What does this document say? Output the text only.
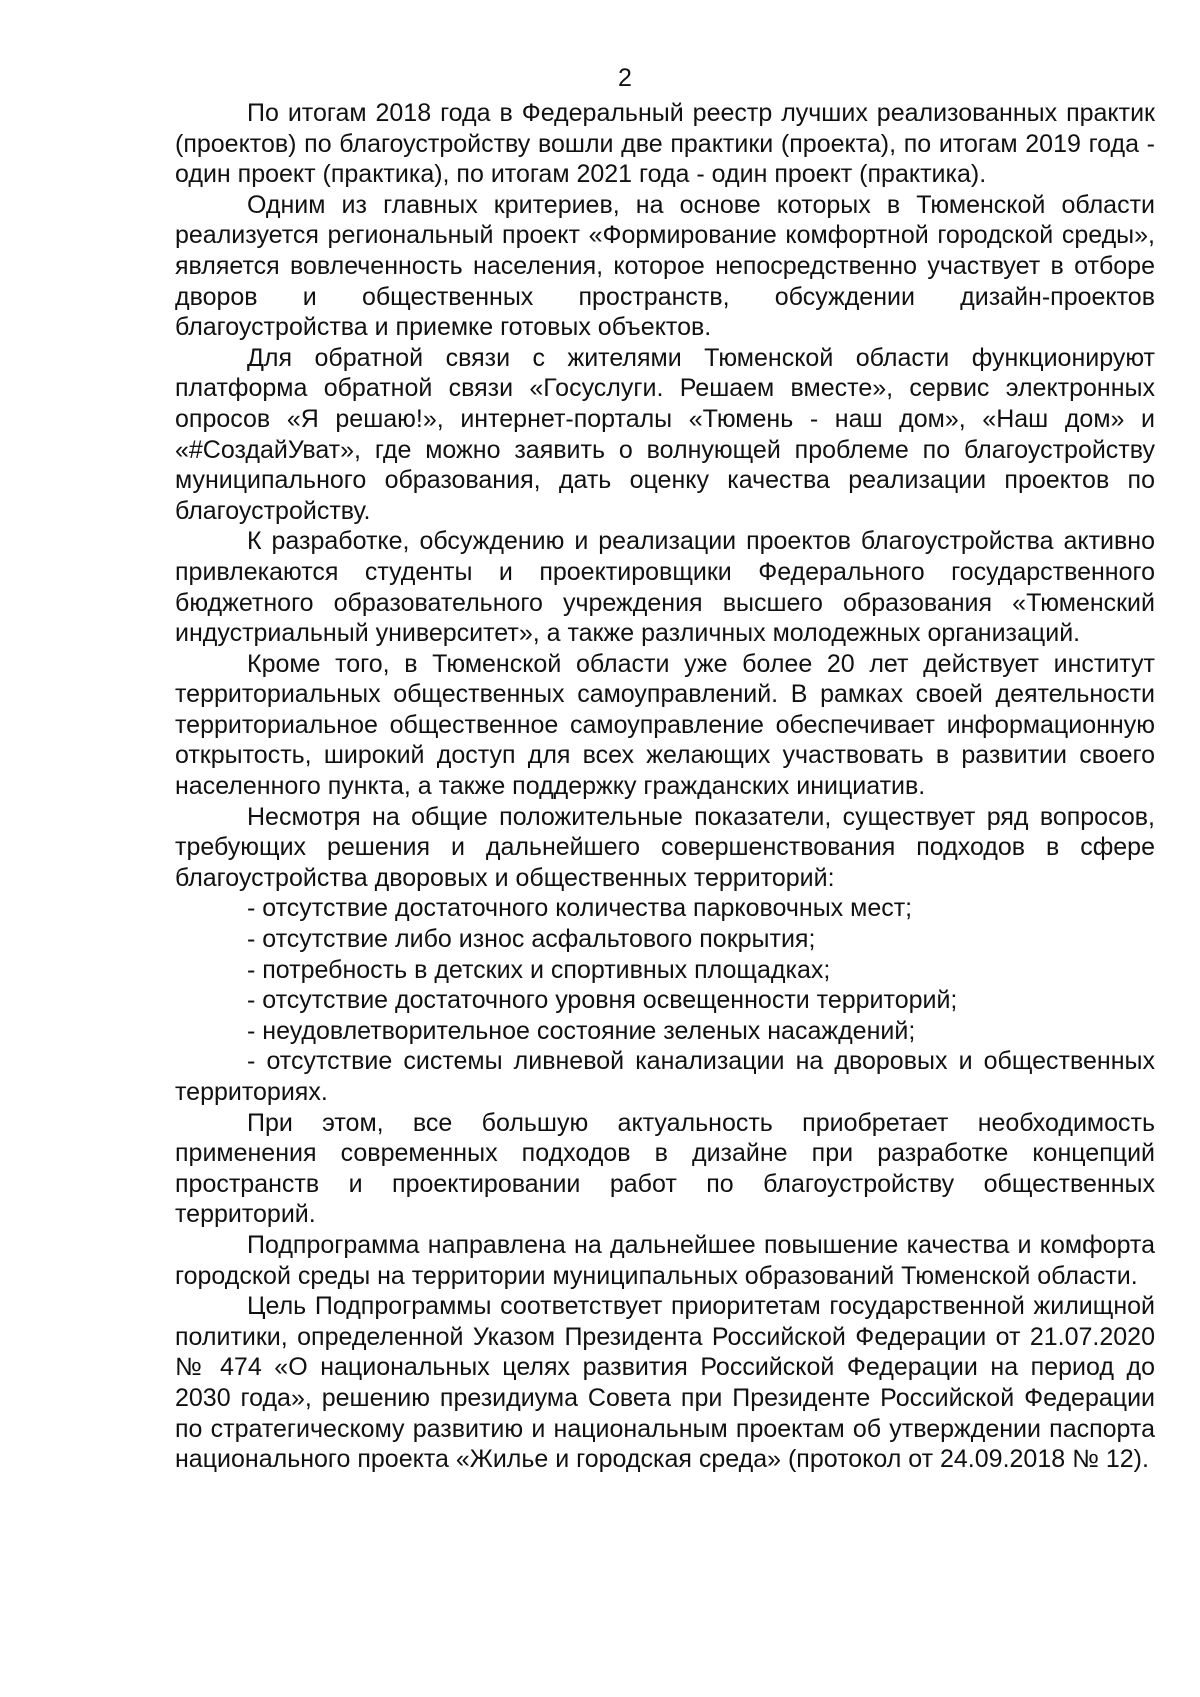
2

По итогам 2018 года в Федеральный реестр лучших реализованных практик (проектов) по благоустройству вошли две практики (проекта), по итогам 2019 года - один проект (практика), по итогам 2021 года - один проект (практика).

Одним из главных критериев, на основе которых в Тюменской области реализуется региональный проект «Формирование комфортной городской среды», является вовлеченность населения, которое непосредственно участвует в отборе дворов и общественных пространств, обсуждении дизайн-проектов благоустройства и приемке готовых объектов.

Для обратной связи с жителями Тюменской области функционируют платформа обратной связи «Госуслуги. Решаем вместе», сервис электронных опросов «Я решаю!», интернет-порталы «Тюмень - наш дом», «Наш дом» и «#СоздайУват», где можно заявить о волнующей проблеме по благоустройству муниципального образования, дать оценку качества реализации проектов по благоустройству.

К разработке, обсуждению и реализации проектов благоустройства активно привлекаются студенты и проектировщики Федерального государственного бюджетного образовательного учреждения высшего образования «Тюменский индустриальный университет», а также различных молодежных организаций.

Кроме того, в Тюменской области уже более 20 лет действует институт территориальных общественных самоуправлений. В рамках своей деятельности территориальное общественное самоуправление обеспечивает информационную открытость, широкий доступ для всех желающих участвовать в развитии своего населенного пункта, а также поддержку гражданских инициатив.

Несмотря на общие положительные показатели, существует ряд вопросов, требующих решения и дальнейшего совершенствования подходов в сфере благоустройства дворовых и общественных территорий:

- отсутствие достаточного количества парковочных мест;
- отсутствие либо износ асфальтового покрытия;
- потребность в детских и спортивных площадках;
- отсутствие достаточного уровня освещенности территорий;
- неудовлетворительное состояние зеленых насаждений;
- отсутствие системы ливневой канализации на дворовых и общественных территориях.

При этом, все большую актуальность приобретает необходимость применения современных подходов в дизайне при разработке концепций пространств и проектировании работ по благоустройству общественных территорий.

Подпрограмма направлена на дальнейшее повышение качества и комфорта городской среды на территории муниципальных образований Тюменской области.

Цель Подпрограммы соответствует приоритетам государственной жилищной политики, определенной Указом Президента Российской Федерации от 21.07.2020 № 474 «О национальных целях развития Российской Федерации на период до 2030 года», решению президиума Совета при Президенте Российской Федерации по стратегическому развитию и национальным проектам об утверждении паспорта национального проекта «Жилье и городская среда» (протокол от 24.09.2018 № 12).
